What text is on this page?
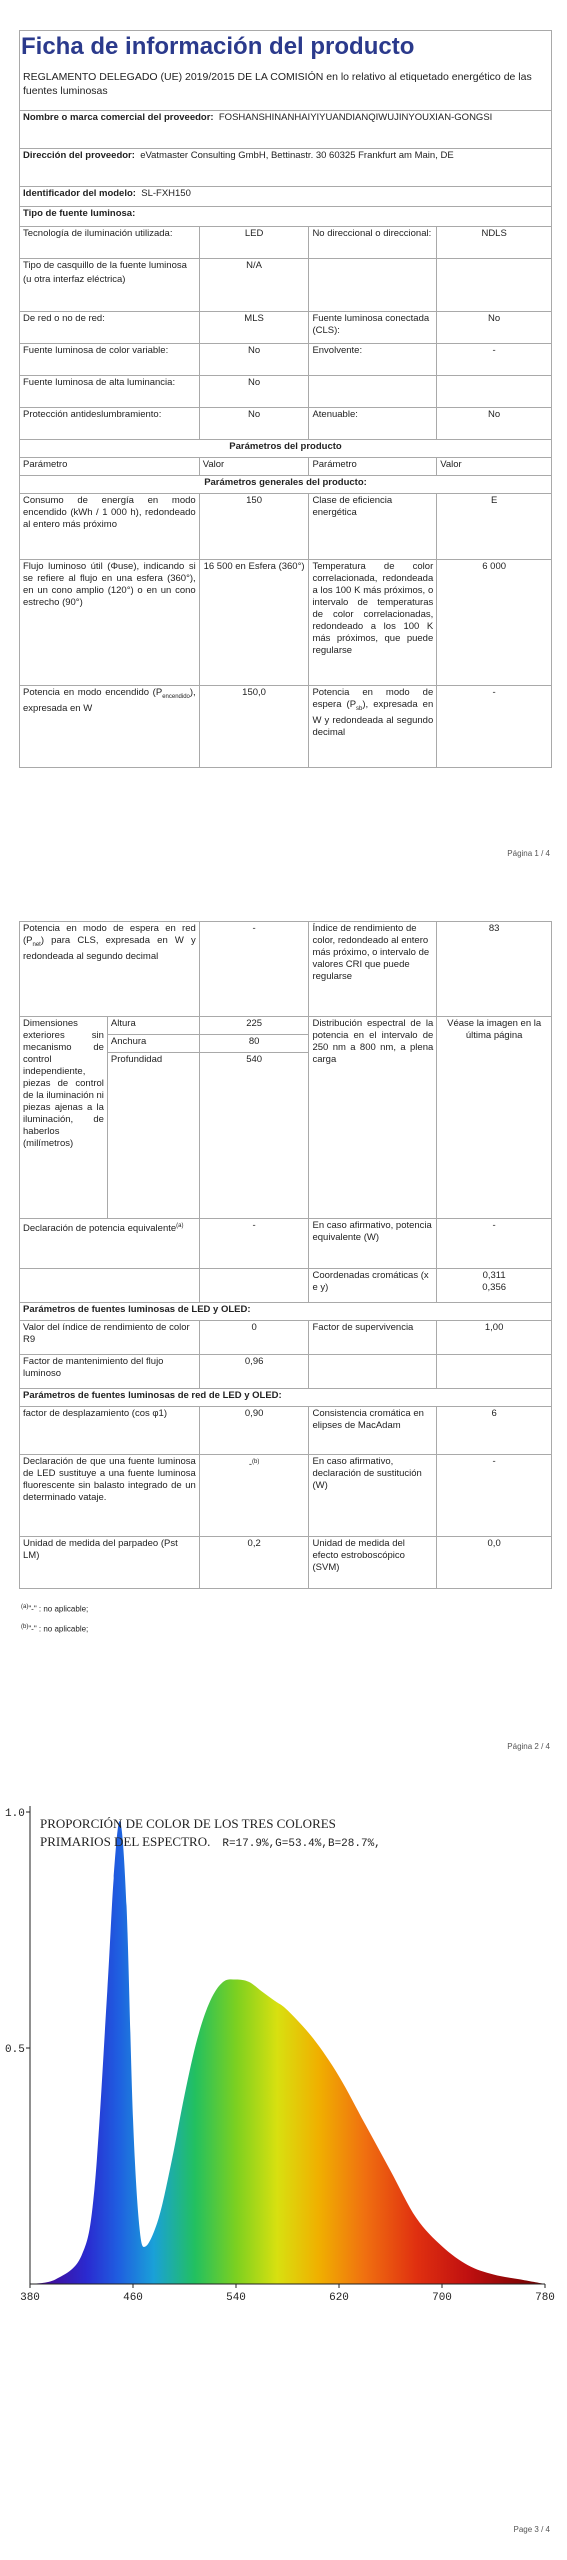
Nombre o marca comercial del proveedor: FOSHANSHINANHAIYIYUANDIANQIWUJINYOUXIAN-GONGSI			
Dirección del proveedor: eVatmaster Consulting GmbH, Bettinastr. 30 60325 Frankfurt am Main, DE			
Identificador del modelo: SL-FXH150			
Tipo de fuente luminosa:			
Tecnología de iluminación utilizada:	LED	No direccional o direccional:	NDLS

Tipo de casquillo de la fuente luminosa
(u otra interfaz eléctrica)	N/A		
De red o no de red:	MLS	Fuente luminosa conectada (CLS):	No
Fuente luminosa de color variable:	No	Envolvente:	-
Fuente luminosa de alta luminancia:	No		
Protección antideslumbramiento:	No	Atenuable:	No
Parámetros del producto			
Parámetro	Valor	Parámetro	Valor
Parámetros generales del producto:			
Consumo de energía en modo encendido (kWh / 1 000 h), redondeado al entero más próximo	150	Clase de eficiencia energética	E
Flujo luminoso útil (Φuse), indicando si se refiere al flujo en una esfera (360°), en un cono amplio (120°) o en un cono estrecho (90°)	16 500 en Esfera (360°)	Temperatura de color correlacionada, redondeada a los 100 K más próximos, o intervalo de temperaturas de color correlacionadas, redondeado a los 100 K más próximos, que puede regularse	6 000
Potencia en modo encendido $(P_{encendido})$, expresada en W	150,0	Potencia en modo de espera $(P_{sb})$, expresada en W y redondeada al segundo decimal	-
Ficha de información del producto
REGLAMENTO DELEGADO (UE) 2019/2015 DE LA COMISIÓN en lo relativo al etiquetado energético de las fuentes luminosas
Página 1 / 4
Potencia en modo de espera en red $(P_{net})$ para CLS, expresada en W y redondeada al segundo decimal		-	Índice de rendimiento de color, redondeado al entero más próximo, o intervalo de valores CRI que puede regularse	83
Dimensiones exteriores sin mecanismo de control independiente, piezas de control de la iluminación ni piezas ajenas a la iluminación, de haberlos (milímetros)	Altura	225	Distribución espectral de la potencia en el intervalo de 250 nm a 800 nm, a plena carga	Véase la imagen en la última página
	Anchura	80		
	Profundidad	540		
Declaración de potencia equivalente$^{(a)}$		-	En caso afirmativo, potencia equivalente (W)	-
			Coordenadas cromáticas (x e y)	0,311
0,356

Parámetros de fuentes luminosas de LED y OLED:				
Valor del índice de rendimiento de color R9		0	Factor de supervivencia	1,00
Factor de mantenimiento del flujo luminoso		0,96		
Parámetros de fuentes luminosas de red de LED y OLED:				
factor de desplazamiento (cos φ1)		0,90	Consistencia cromática en elipses de MacAdam	6
Declaración de que una fuente luminosa de LED sustituye a una fuente luminosa fluorescente sin balasto integrado de un determinado vataje.		-$^{(b)}$	En caso afirmativo, declaración de sustitución (W)	-
Unidad de medida del parpadeo (Pst LM)		0,2	Unidad de medida del efecto estroboscópico (SVM)	0,0
$^{(a)}$"-" : no aplicable;
$^{(b)}$"-" : no aplicable;
Página 2 / 4
380	460	540	620	700	780
0.5
1.0
PROPORCIÓN DE COLOR DE LOS TRES COLORES
PRIMARIOS DEL ESPECTRO. R=17.9%,G=53.4%,B=28.7%,
Page 3 / 4
